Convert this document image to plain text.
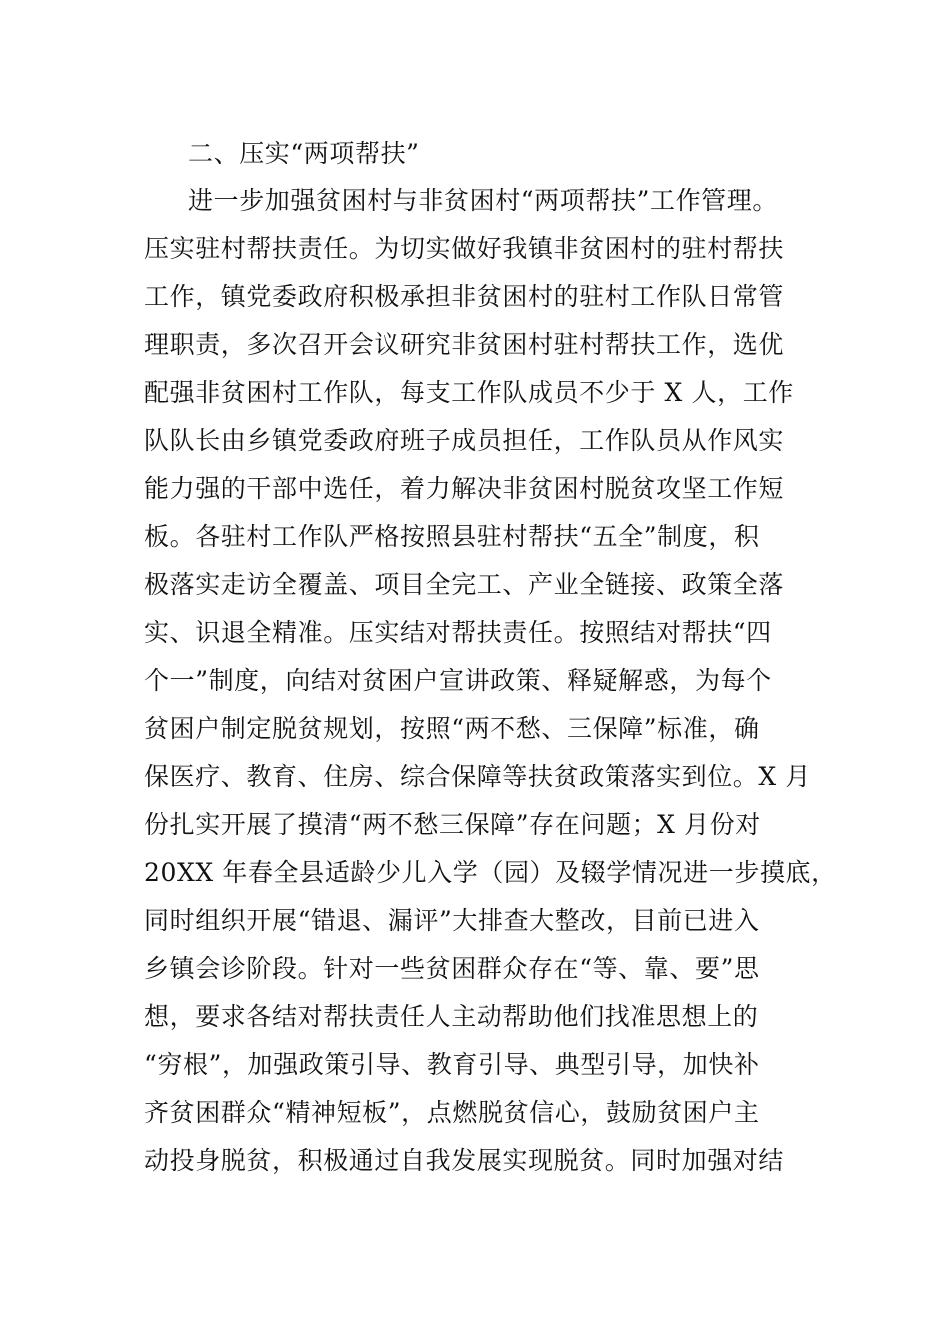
二、压实“两项帮扶”

进一步加强贫困村与非贫困村“两项帮扶”工作管理。

压实驻村帮扶责任。为切实做好我镇非贫困村的驻村帮扶

工作，镇党委政府积极承担非贫困村的驻村工作队日常管

理职责，多次召开会议研究非贫困村驻村帮扶工作，选优

配强非贫困村工作队，每支工作队成员不少于 X 人，工作

队队长由乡镇党委政府班子成员担任，工作队员从作风实

能力强的干部中选任，着力解决非贫困村脱贫攻坚工作短

板。各驻村工作队严格按照县驻村帮扶“五全”制度，积

极落实走访全覆盖、项目全完工、产业全链接、政策全落

实、识退全精准。压实结对帮扶责任。按照结对帮扶“四

个一”制度，向结对贫困户宣讲政策、释疑解惑，为每个

贫困户制定脱贫规划，按照“两不愁、三保障”标准，确

保医疗、教育、住房、综合保障等扶贫政策落实到位。X 月

份扎实开展了摸清“两不愁三保障”存在问题；X 月份对

20XX 年春全县适龄少儿入学（园）及辍学情况进一步摸底，

同时组织开展“错退、漏评”大排查大整改，目前已进入

乡镇会诊阶段。针对一些贫困群众存在“等、靠、要”思

想，要求各结对帮扶责任人主动帮助他们找准思想上的

“穷根”，加强政策引导、教育引导、典型引导，加快补

齐贫困群众“精神短板”，点燃脱贫信心，鼓励贫困户主

动投身脱贫，积极通过自我发展实现脱贫。同时加强对结
